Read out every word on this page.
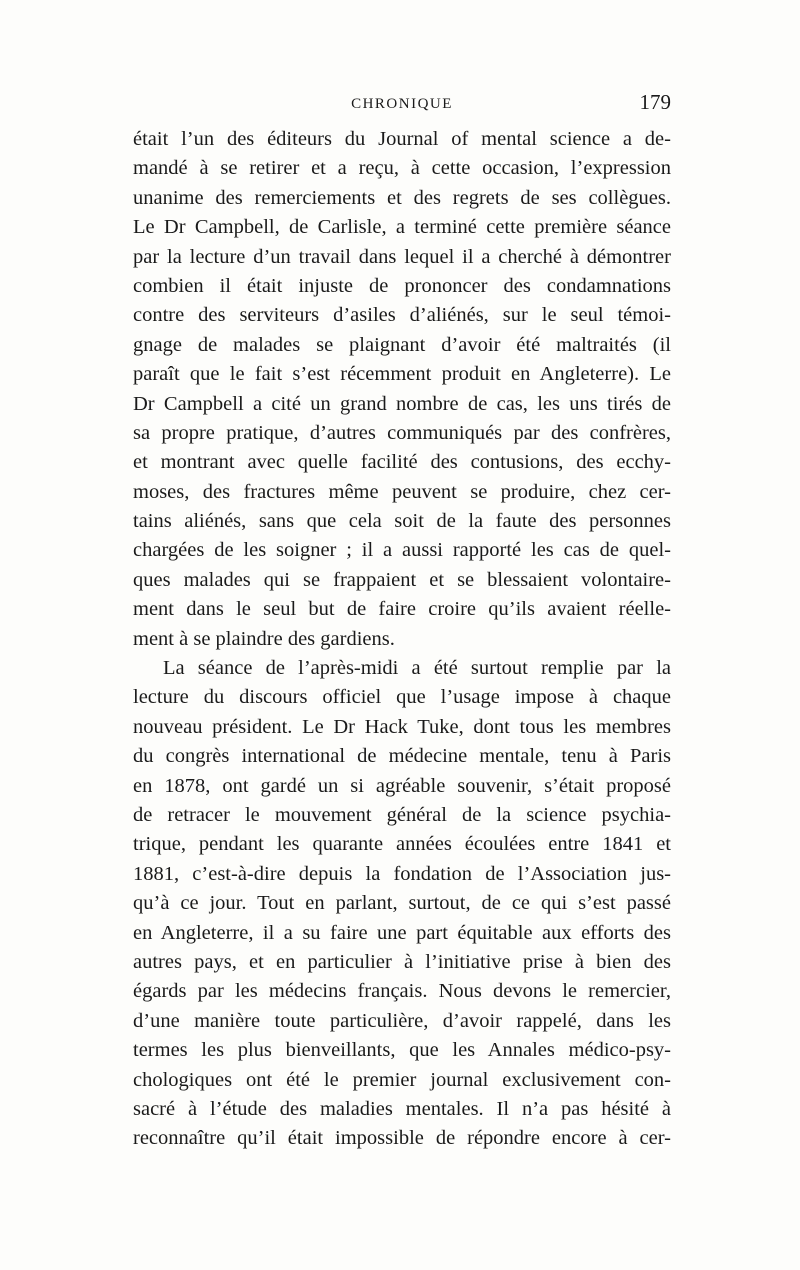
CHRONIQUE	179
était l’un des éditeurs du Journal of mental science a de-
mandé à se retirer et a reçu, à cette occasion, l’expression
unanime des remerciements et des regrets de ses collègues.
Le Dr Campbell, de Carlisle, a terminé cette première séance
par la lecture d’un travail dans lequel il a cherché à démontrer
combien il était injuste de prononcer des condamnations
contre des serviteurs d’asiles d’aliénés, sur le seul témoi-
gnage de malades se plaignant d’avoir été maltraités (il
paraît que le fait s’est récemment produit en Angleterre). Le
Dr Campbell a cité un grand nombre de cas, les uns tirés de
sa propre pratique, d’autres communiqués par des confrères,
et montrant avec quelle facilité des contusions, des ecchy-
moses, des fractures même peuvent se produire, chez cer-
tains aliénés, sans que cela soit de la faute des personnes
chargées de les soigner ; il a aussi rapporté les cas de quel-
ques malades qui se frappaient et se blessaient volontaire-
ment dans le seul but de faire croire qu’ils avaient réelle-
ment à se plaindre des gardiens.
La séance de l’après-midi a été surtout remplie par la
lecture du discours officiel que l’usage impose à chaque
nouveau président. Le Dr Hack Tuke, dont tous les membres
du congrès international de médecine mentale, tenu à Paris
en 1878, ont gardé un si agréable souvenir, s’était proposé
de retracer le mouvement général de la science psychia-
trique, pendant les quarante années écoulées entre 1841 et
1881, c’est-à-dire depuis la fondation de l’Association jus-
qu’à ce jour. Tout en parlant, surtout, de ce qui s’est passé
en Angleterre, il a su faire une part équitable aux efforts des
autres pays, et en particulier à l’initiative prise à bien des
égards par les médecins français. Nous devons le remercier,
d’une manière toute particulière, d’avoir rappelé, dans les
termes les plus bienveillants, que les Annales médico-psy-
chologiques ont été le premier journal exclusivement con-
sacré à l’étude des maladies mentales. Il n’a pas hésité à
reconnaître qu’il était impossible de répondre encore à cer-
